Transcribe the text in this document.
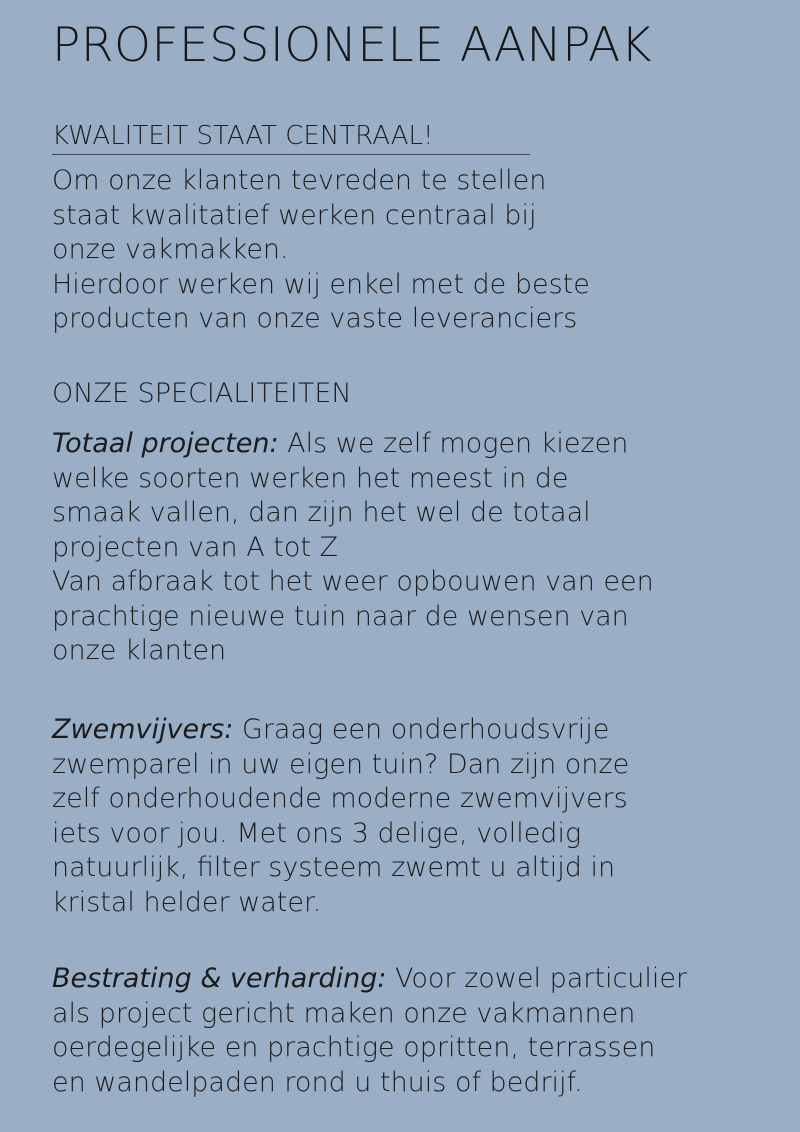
PROFESSIONELE AANPAK
KWALITEIT STAAT CENTRAAL!
Om onze klanten tevreden te stellen
staat kwalitatief werken centraal bij
onze vakmakken.
Hierdoor werken wij enkel met de beste
producten van onze vaste leveranciers
ONZE SPECIALITEITEN
Totaal projecten: Als we zelf mogen kiezen
welke soorten werken het meest in de
smaak vallen, dan zijn het wel de totaal
projecten van A tot Z
Van afbraak tot het weer opbouwen van een
prachtige nieuwe tuin naar de wensen van
onze klanten
Zwemvijvers: Graag een onderhoudsvrije
zwemparel in uw eigen tuin? Dan zijn onze
zelf onderhoudende moderne zwemvijvers
iets voor jou. Met ons 3 delige, volledig
natuurlijk, filter systeem zwemt u altijd in
kristal helder water.
Bestrating & verharding: Voor zowel particulier
als project gericht maken onze vakmannen
oerdegelijke en prachtige opritten, terrassen
en wandelpaden rond u thuis of bedrijf.
